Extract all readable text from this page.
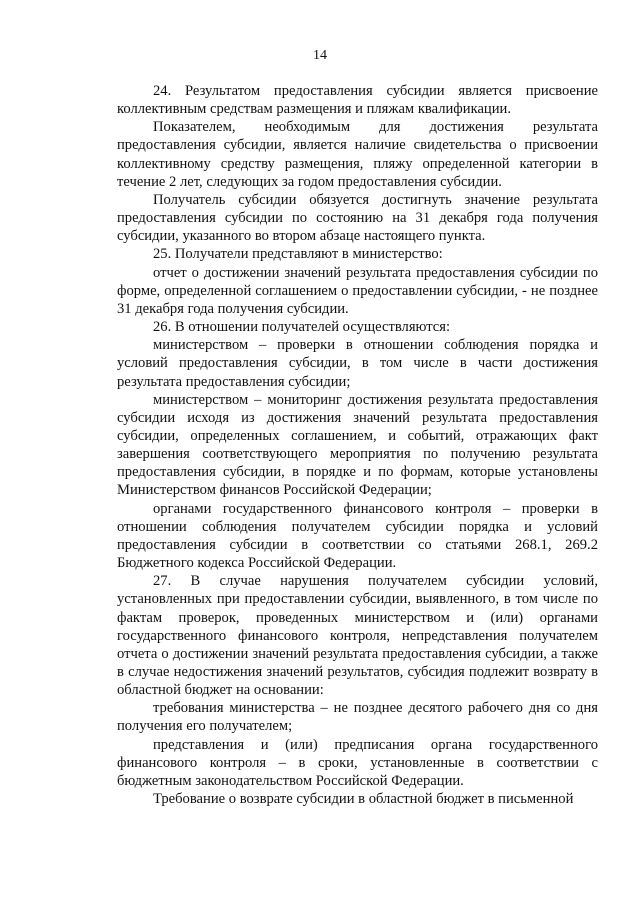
14

24. Результатом предоставления субсидии является присвоение коллективным средствам размещения и пляжам квалификации.

Показателем, необходимым для достижения результата предоставления субсидии, является наличие свидетельства о присвоении коллективному средству размещения, пляжу определенной категории в течение 2 лет, следующих за годом предоставления субсидии.

Получатель субсидии обязуется достигнуть значение результата предоставления субсидии по состоянию на 31 декабря года получения субсидии, указанного во втором абзаце настоящего пункта.

25. Получатели представляют в министерство:

отчет о достижении значений результата предоставления субсидии по форме, определенной соглашением о предоставлении субсидии, - не позднее 31 декабря года получения субсидии.

26. В отношении получателей осуществляются:

министерством – проверки в отношении соблюдения порядка и условий предоставления субсидии, в том числе в части достижения результата предоставления субсидии;

министерством – мониторинг достижения результата предоставления субсидии исходя из достижения значений результата предоставления субсидии, определенных соглашением, и событий, отражающих факт завершения соответствующего мероприятия по получению результата предоставления субсидии, в порядке и по формам, которые установлены Министерством финансов Российской Федерации;

органами государственного финансового контроля – проверки в отношении соблюдения получателем субсидии порядка и условий предоставления субсидии в соответствии со статьями 268.1, 269.2 Бюджетного кодекса Российской Федерации.

27. В случае нарушения получателем субсидии условий, установленных при предоставлении субсидии, выявленного, в том числе по фактам проверок, проведенных министерством и (или) органами государственного финансового контроля, непредставления получателем отчета о достижении значений результата предоставления субсидии, а также в случае недостижения значений результатов, субсидия подлежит возврату в областной бюджет на основании:

требования министерства – не позднее десятого рабочего дня со дня получения его получателем;

представления и (или) предписания органа государственного финансового контроля – в сроки, установленные в соответствии с бюджетным законодательством Российской Федерации.

Требование о возврате субсидии в областной бюджет в письменной
